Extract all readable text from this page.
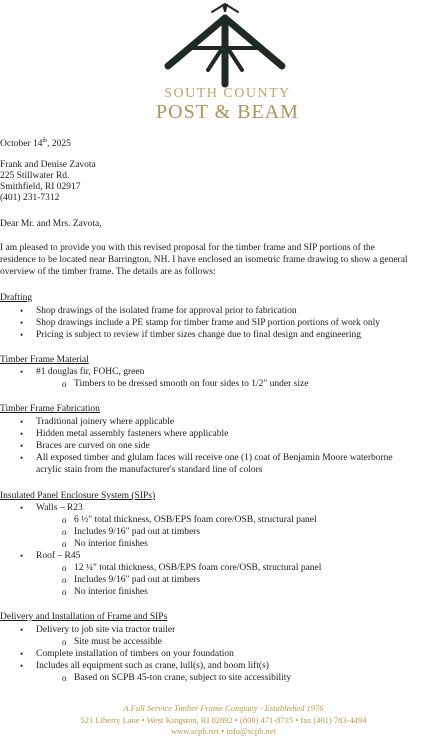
SOUTH COUNTY
POST & BEAM
October 14th, 2025
Frank and Denise Zavota
225 Stillwater Rd.
Smithfield, RI 02917
(401) 231-7312
Dear Mr. and Mrs. Zavota,
I am pleased to provide you with this revised proposal for the timber frame and SIP portions of the
residence to be located near Barrington, NH. I have enclosed an isometric frame drawing to show a general
overview of the timber frame. The details are as follows:
Drafting
• Shop drawings of the isolated frame for approval prior to fabrication
• Shop drawings include a PE stamp for timber frame and SIP portion portions of work only
• Pricing is subject to review if timber sizes change due to final design and engineering
Timber Frame Material
• #1 douglas fir, FOHC, green
o Timbers to be dressed smooth on four sides to 1/2" under size
Timber Frame Fabrication
• Traditional joinery where applicable
• Hidden metal assembly fasteners where applicable
• Braces are curved on one side
• All exposed timber and glulam faces will receive one (1) coat of Benjamin Moore waterborne
acrylic stain from the manufacturer's standard line of colors
Insulated Panel Enclosure System (SIPs)
• Walls – R23
o 6 ½" total thickness, OSB/EPS foam core/OSB, structural panel
o Includes 9/16" pad out at timbers
o No interior finishes
• Roof – R45
o 12 ¼" total thickness, OSB/EPS foam core/OSB, structural panel
o Includes 9/16" pad out at timbers
o No interior finishes
Delivery and Installation of Frame and SIPs
• Delivery to job site via tractor trailer
o Site must be accessible
• Complete installation of timbers on your foundation
• Includes all equipment such as crane, lull(s), and boom lift(s)
o Based on SCPB 45-ton crane, subject to site accessibility
A Full Service Timber Frame Company - Established 1976
521 Liberty Lane • West Kingston, RI 02892 • (800) 471-8715 • fax (401) 783-4494
www.scpb.net • info@scpb.net
